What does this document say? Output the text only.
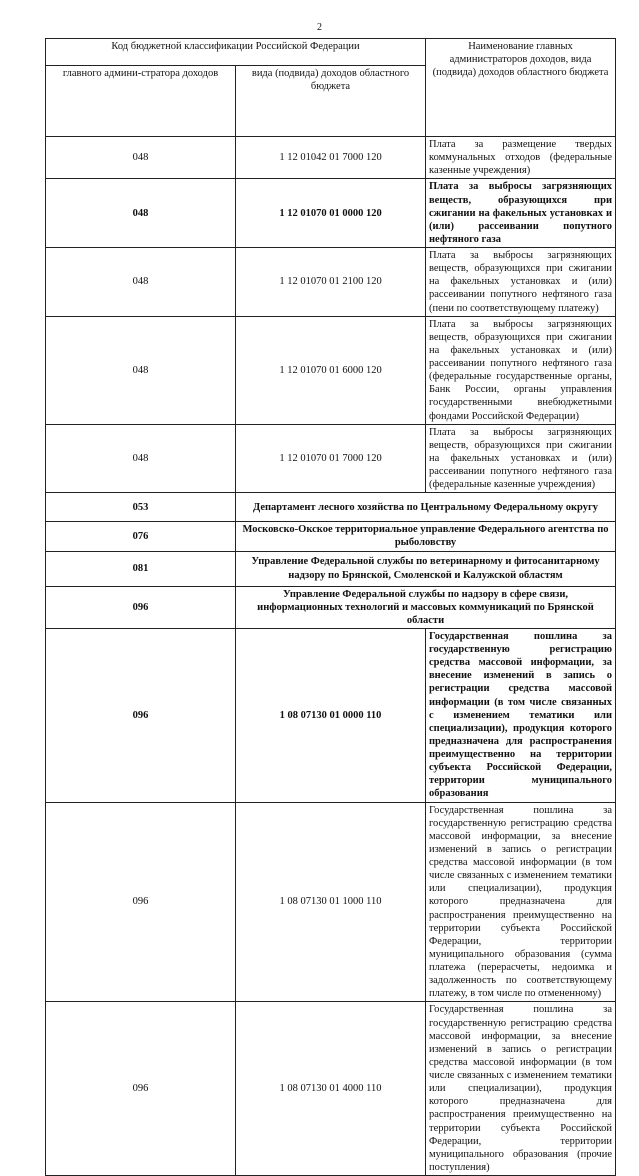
2
Код бюджетной классификации Российской Федерации		Наименование главных администраторов доходов, вида (подвида) доходов областного бюджета
главного админи-стратора доходов	вида (подвида) доходов областного бюджета	
048	1 12 01042 01 7000 120	Плата за размещение твердых коммунальных отходов (федеральные казенные учреждения)
048	1 12 01070 01 0000 120	Плата за выбросы загрязняющих веществ, образующихся при сжигании на факельных установках и (или) рассеивании попутного нефтяного газа
048	1 12 01070 01 2100 120	Плата за выбросы загрязняющих веществ, образующихся при сжигании на факельных установках и (или) рассеивании попутного нефтяного газа (пени по соответствующему платежу)
048	1 12 01070 01 6000 120	Плата за выбросы загрязняющих веществ, образующихся при сжигании на факельных установках и (или) рассеивании попутного нефтяного газа (федеральные государственные органы, Банк России, органы управления государственными внебюджетными фондами Российской Федерации)
048	1 12 01070 01 7000 120	Плата за выбросы загрязняющих веществ, образующихся при сжигании на факельных установках и (или) рассеивании попутного нефтяного газа (федеральные казенные учреждения)
053	Департамент лесного хозяйства по Центральному Федеральному округу	
076	Московско-Окское территориальное управление Федерального агентства по рыболовству	
081	Управление Федеральной службы по ветеринарному и фитосанитарному надзору по Брянской, Смоленской и Калужской областям	
096	Управление Федеральной службы по надзору в сфере связи, информационных технологий и массовых коммуникаций по Брянской области	
096	1 08 07130 01 0000 110	Государственная пошлина за государственную регистрацию средства массовой информации, за внесение изменений в запись о регистрации средства массовой информации (в том числе связанных с изменением тематики или специализации), продукция которого предназначена для распространения преимущественно на территории субъекта Российской Федерации, территории муниципального образования
096	1 08 07130 01 1000 110	Государственная пошлина за государственную регистрацию средства массовой информации, за внесение изменений в запись о регистрации средства массовой информации (в том числе связанных с изменением тематики или специализации), продукция которого предназначена для распространения преимущественно на территории субъекта Российской Федерации, территории муниципального образования (сумма платежа (перерасчеты, недоимка и задолженность по соответствующему платежу, в том числе по отмененному)
096	1 08 07130 01 4000 110	Государственная пошлина за государственную регистрацию средства массовой информации, за внесение изменений в запись о регистрации средства массовой информации (в том числе связанных с изменением тематики или специализации), продукция которого предназначена для распространения преимущественно на территории субъекта Российской Федерации, территории муниципального образования (прочие поступления)
